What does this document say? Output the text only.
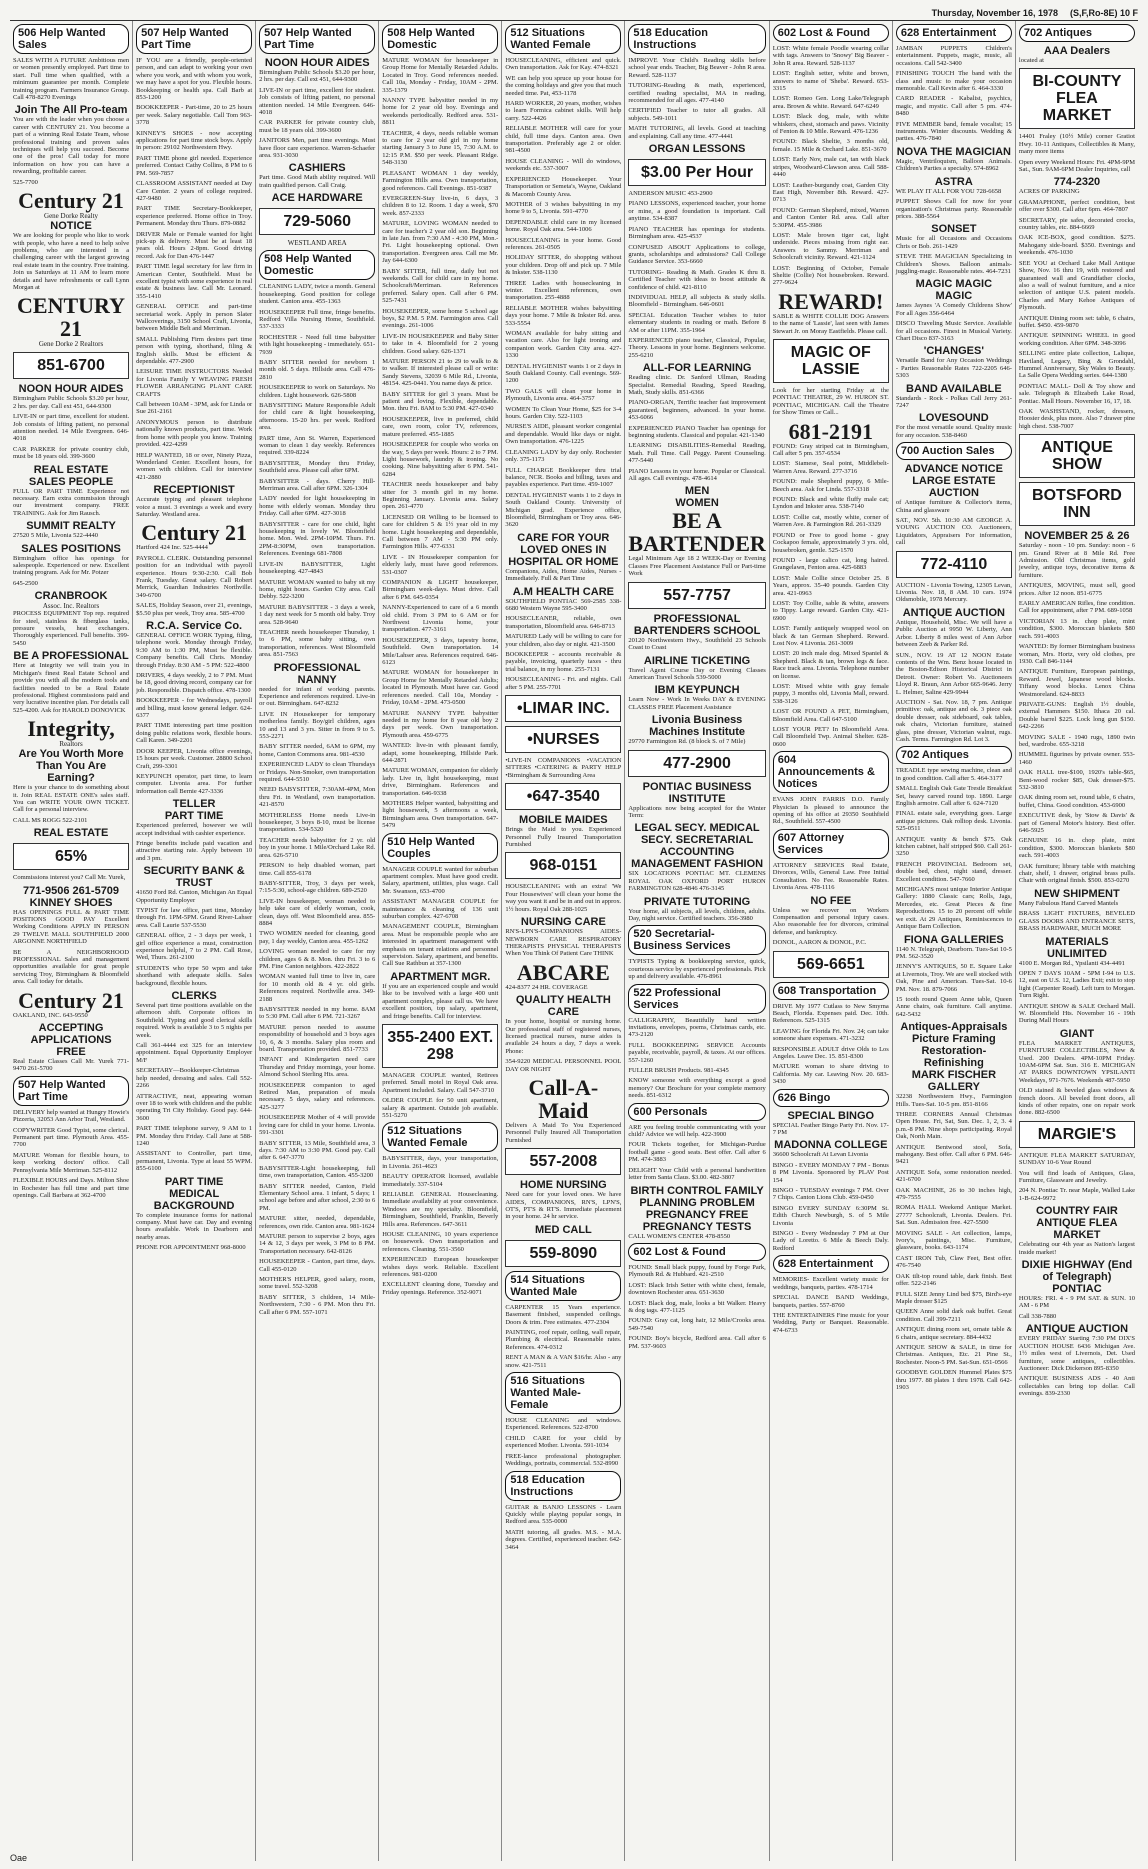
Thursday, November 16, 1978 (S,F,Ro-8E) 10 F
506 Help Wanted Sales
SALES WITH A FUTURE Ambitious men or women presently employed. Part time to start. Full time when qualified, with a minimum guarantee per month. Complete training program. Farmers Insurance Group. Call 478-8270 Evenings
Join The All Pro-team
You are with the leader when you choose a career with CENTURY 21. You become a part of a winning Real Estate Team, whose professional training and proven sales techniques will help you succeed. Become one of the pros! Call today for more information on how you can have a rewarding, profitable career.
525-7700
Century 21
Gene Dorke Realty
NOTICE
We are looking for people who like to work with people, who have a need to help solve problems, who are interested in a challenging career with the largest growing real estate team in the country. Free training. Join us Saturdays at 11 AM to learn more details and have refreshments or call Lynn Morgan at
CENTURY 21
Gene Dorke 2 Realtors
851-6700
NOON HOUR AIDES
Birmingham Public Schools $3.20 per hour, 2 hrs. per day. Call ext 451, 644-9300
LIVE-IN or part time, excellent for student. Job consists of lifting patient, no personal attention needed. 14 Mile Evergreen. 646-4018
CAR PARKER for private country club, must be 18 years old. 399-3600
REAL ESTATE
SALES PEOPLE
FULL OR PART TIME Experience not necessary. Earn extra commission through our investment company. FREE TRAINING. Ask for Jim Rausch.
SUMMIT REALTY
27520 5 Mile, Livonia 522-4440
SALES POSITIONS
Birmingham office has openings for salespeople. Experienced or new. Excellent training program. Ask for Mr. Potzer
645-2500
CRANBROOK
Assoc. Inc. Realtors
PROCESS EQUIPMENT Top rep. required for steel, stainless & fiberglass tanks, pressure vessels, heat exchangers. Thoroughly experienced. Full benefits. 399-5450
BE A PROFESSIONAL
Here at Integrity we will train you in Michigan's finest Real Estate School and provide you with all the modern tools and facilities needed to be a Real Estate professional. Highest commissions paid and very lucrative incentive plan. For details call 525-4200. Ask for HAROLD DONOVICK
Integrity,
Realtors
Are You Worth More Than You Are Earning?
Here is your chance to do something about it. Join REAL ESTATE ONE's sales staff. You can WRITE YOUR OWN TICKET. Call for a personal interview.
CALL MS ROGG 522-2101
REAL ESTATE
65%
Commissions interest you? Call Mr. Yurek,
771-9506 261-5709
KINNEY SHOES
HAS OPENINGS FULL & PART TIME POSITIONS GOOD PAY Excellent Working Conditions APPLY IN PERSON 29 TWELVE MALL SOUTHFIELD 2000 ARGONNE NORTHFIELD
BE A NEIGHBORHOOD PROFESSIONAL Sales and management opportunities available for great people servicing Troy, Birmingham & Bloomfield area. Call today for details.
Century 21
OAKLAND, INC. 643-9550
ACCEPTING APPLICATIONS
FREE
Real Estate Classes Call Mr. Yurek 771-9470 261-5700
507 Help Wanted Part Time
DELIVERY help wanted at Hungry Howie's Pizzeria, 32053 Ann Arbor Trail, Westland.
COPYWRITER Good Typist, some clerical. Permanent part time. Plymouth Area. 455-7700
MATURE Woman for flexible hours, to keep working doctors' office. Call Pennsylvania Mile Merriman. 525-8112
FLEXIBLE HOURS and Days. Milton Shoe in Rochester has full time and part time openings. Call Barbara at 362-4700
507 Help Wanted Part Time
IF YOU are a friendly, people-oriented person, and can adapt to working your own where you work, and with whom you work, we may have a spot for you. Flexible hours. Bookkeeping or health spa. Call Barb at 853-1200
BOOKKEEPER - Part-time, 20 to 25 hours per week. Salary negotiable. Call Tom 963-3778
KINNEY'S SHOES - now accepting applications for part time stock boys. Apply in person: 29102 Northwestern Hwy.
PART TIME phone girl needed. Experience preferred. Contact Cathy Collins, 8 PM to 6 PM. 569-7857
CLASSROOM ASSISTANT needed at Day Care Center. 2 years of college required. 427-9480
PART TIME Secretary-Bookkeeper, experience preferred. Home office in Troy. Permanent. Monday thru Thurs. 879-0882
DRIVER Male or Female wanted for light pick-up & delivery. Must be at least 18 years old. Hours 2-8pm. Good driving record. Ask for Dan 476-1447
PART TIME legal secretary for law firm in American Center, Southfield. Must be excellent typist with some experience in real estate & business law. Call Mr. Leonard. 355-1410
GENERAL OFFICE and part-time secretarial work. Apply in person Slater Wallcoverings, 3150 School Craft, Livonia, between Middle Belt and Merriman.
SMALL Publishing Firm desires part time person with typing, shorthand, filing & English skills. Must be efficient & dependable. 477-2900
LEISURE TIME INSTRUCTORS Needed for Livonia Family Y WEAVING FRESH FLOWER ARRANGING PLANT CARE CRAFTS
Call between 10AM - 3PM, ask for Linda or Sue 261-2161
ANONYMOUS person to distribute nationally known products, part time. Work from home with people you know. Training provided. 422-4299
HELP WANTED, 18 or over, Ninety Pizza, Wonderland Center. Excellent hours, for women with children. Call for interview 421-2880
RECEPTIONIST
Accurate typing and pleasant telephone voice a must. 3 evenings a week and every Saturday. Westland area.
Century 21
Hartford 424 Inc. 525-4444
PAYROLL CLERK. Outstanding personnel position for an individual with payroll experience. Hours 9:30-2:30. Call Bob Frank, Tuesday. Great salary. Call Robert Merrick, Guardian Industries Northville. 349-6700
SALES, Holiday Season, over 21, evenings, $5.50 plus per week, Troy area. 585-4700
R.C.A. Service Co.
GENERAL OFFICE WORK Typing, filing, telephone work. Monday through Friday, 9:30 AM to 1:30 PM, Must be flexible. Company benefits. Call Chris. Monday through Friday. 8:30 AM - 5 PM: 522-4800
DRIVERS, 4 days weekly, 2 to 7 PM. Must be 18, good driving record, company car for job. Responsible. Dispatch office. 478-1300
BOOKKEEPER - for Wednesdays, payroll and billing, must know general ledger. 624-6377
PART TIME interesting part time position doing public relations work, flexible hours. Call Karen. 349-2201
DOOR KEEPER, Livonia office evenings, 15 hours per week. Customer. 28800 School Craft, 299-3301
KEYPUNCH operator, part time, to learn computer. Livonia area. For further information call Bernie 427-3336
TELLER
PART TIME
Experienced preferred, however we will accept individual with cashier experience.
Fringe benefits include paid vacation and attractive starting rate. Apply between 10 and 3 pm.
SECURITY BANK & TRUST
41650 Ford Rd. Canton, Michigan An Equal Opportunity Employer
TYPIST for law office, part time, Monday through Fri. 1PM-5PM. Grand River-Lahser area. Call Laurie 537-5530
GENERAL office, 2 - 3 days per week, 1 girl office experience a must, construction experience helpful, 7 to 2 PM. Call Rose, Wed, Thurs. 261-2100
STUDENTS who type 50 wpm and take shorthand with adequate skills. Sales background, flexible hours.
CLERKS
Several part time positions available on the afternoon shift. Corporate offices in Southfield. Typing and good clerical skills required. Work is available 3 to 5 nights per week.
Call 361-4444 ext 325 for an interview appointment. Equal Opportunity Employer M/F
SECRETARY—Bookkeeper-Christmas help needed, dressing and sales. Call 552-2266
ATTRACTIVE, neat, appearing woman over 18 to work with children and the public operating Tri City Holiday. Good pay. 644-3600
PART TIME telephone survey, 9 AM to 1 PM. Monday thru Friday. Call Jane at 588-1240
ASSISTANT to Controller, part time, permanent, Livonia. Type at least 55 WPM. 855-6100
PART TIME
MEDICAL BACKGROUND
To complete insurance forms for national company. Must have car. Day and evening hours available. Work in Dearborn and nearby areas.
PHONE FOR APPOINTMENT 968-8000
507 Help Wanted Part Time
NOON HOUR AIDES
Birmingham Public Schools $3.20 per hour, 2 hrs. per day. Call ext 451, 644-9300
LIVE-IN or part time, excellent for student. Job consists of lifting patient, no personal attention needed. 14 Mile Evergreen. 646-4018
CAR PARKER for private country club, must be 18 years old. 399-3600
JANITORS Men, part time evenings. Must have floor care experience. Warren-Schaefer area. 931-3030
CASHIERS
Part time. Good Math ability required. Will train qualified person. Call Craig.
ACE HARDWARE
729-5060
WESTLAND AREA
508 Help Wanted Domestic
CLEANING LADY, twice a month. General housekeeping. Good position for college student. Canton area. 455-1363
HOUSEKEEPER Full time, fringe benefits. Redford Villa Nursing Home, Southfield. 537-3333
ROCHESTER - Need full time babysitter with light housekeeping - immediately. 651-7939
BABY SITTER needed for newborn 1 month old. 5 days. Hillside area. Call 476-2810
HOUSEKEEPER to work on Saturdays. No children. Light housework. 626-5808
BABYSITTING Mature Responsible Adult for child care & light housekeeping, afternoons. 15-20 hrs. per week. Redford area.
PART time, Ann St. Warren, Experienced woman to clean 1 day weekly. References required. 339-8224
BABYSITTER, Monday thru Friday, Southfield area. Please call after 6PM.
BABYSITTER - days. Cherry Hill-Merriman area. Call after 6PM. 326-1304
LADY needed for light housekeeping in home with elderly woman. Monday thru Friday. Call after 6PM. 427-3018
BABYSITTER - care for one child, light housekeeping in lovely W. Bloomfield home. Mon. Wed. 2PM-10PM. Thurs. Fri. 2PM-8:30PM, own transportation. References. Evenings 681-7808
LIVE-IN BABYSITTER, Light housekeeping. 427-4843
MATURE WOMAN wanted to baby sit my home, night hours. Garden City area. Call Debby. 522-3200
MATURE BABYSITTER - 3 days a week, 1 day next week for 5 month old baby. Troy area. 528-9640
TEACHER needs housekeeper Thursday, 1 to 6 PM, some baby sitting, own transportation, references. West Bloomfield area. 851-7563
PROFESSIONAL NANNY
needed for infant of working parents. Experience and references required. Live-in or out. Birmingham. 647-8232
LIVE IN Housekeeper for temporary motherless family. Boy/girl children, ages 10 and 13 and 3 yrs. Sitter in from 9 to 5. 553-2271
BABY SITTER needed, 6AM to 6PM, my home, Canton Commons area. 981-4530
EXPERIENCED LADY to clean Thursdays or Fridays. Non-Smoker, own transportation required. 644-5510
NEED BABYSITTER, 7:30AM-4PM, Mon thru Fri. in Westland, own transportation. 421-8570
MOTHERLESS Home needs Live-in housekeeper, 3 boys 8-10, must be license transportation. 534-5320
TEACHER needs babysitter for 2 yr. old boy in your home. 1 Mile/Orchard Lake Rd. area. 626-5710
PERSON to help disabled woman, part time. Call 855-6178
BABY-SITTER, Troy, 3 days per week, 7:15-5:30, school-age children. 689-2520
LIVE-IN housekeeper, woman needed to help take care of elderly woman, cook, clean, days off. West Bloomfield area. 855-8884
TWO WOMEN needed for cleaning, good pay, 1 day weekly, Canton area. 455-1262
LOVING woman needed to care for my children, ages 6 & 8. Mon. thru Fri. 3 to 6 PM. Fine Canton neighbors. 422-2822
WOMAN wanted full time to live in, care for 10 month old & 4 yr. old girls. References required. Northville area. 349-2188
BABYSITTER needed in my home. 8AM to 5:30 PM. Call after 6 PM. 721-3267
MATURE person needed to assume responsibility of household and 3 boys ages 10, 6, & 3 months. Salary plus room and board. Transportation provided. 851-7733
INFANT and Kindergarten need care Thursday and Friday mornings, your home. Almond School Sterling Hts. area.
HOUSEKEEPER companion to aged Retired Man, preparation of meals necessary. 5 days, salary and references. 425-3277
HOUSEKEEPER Mother of 4 will provide loving care for child in your home. Livonia. 591-3301
BABY SITTER, 13 Mile, Southfield area, 3 days. 7:30 AM to 3:30 PM. Good pay. Call after 6. 647-3770
BABYSITTER-Light housekeeping, full time, own transportation, Canton. 455-3200
BABY SITTER needed, Canton, Field Elementary School area. 1 infant, 5 days; 1 school age before and after school, 2:30 to 6 PM.
MATURE sitter, needed, dependable, references, own ride. Canton area. 981-1624
MATURE person to supervise 2 boys, ages 14 & 12, 3 days per week, 3 PM to 8 PM. Transportation necessary. 642-8126
HOUSEKEEPER - Canton, part time, days. Call 455-0120
MOTHER'S HELPER, good salary, room, some travel. 552-3208
BABY SITTER, 3 children, 14 Mile-Northwestern, 7:30 - 6 PM. Mon thru Fri. Call after 6 PM. 557-1071
508 Help Wanted Domestic
MATURE WOMAN for housekeeper in Group Home for Mentally Retarded Adults. Located in Troy. Good references needed. Call 10a, Monday - Friday, 10AM - 2PM. 335-1379
NANNY TYPE babysitter needed in my home for 2 year old boy. Evenings and weekends periodically. Redford area. 531-8811
TEACHER, 4 days, needs reliable woman to care for 2 year old girl in my home starting January 3 to June 15, 7:30 A.M. to 12:15 P.M. $50 per week. Pleasant Ridge. 548-3130
PLEASANT WOMAN 1 day weekly, Farmington Hills area. Own transportation, good references. Call Evenings. 851-9387
EVERGREEN-Stay live-in, 6 days, 3 children 8 to 12. Room. 1 day a week, $70 week. 857-2333
MATURE, LOVING WOMAN needed to care for teacher's 2 year old son. Beginning in late Jan. from 7:30 AM - 4:30 PM, Mon.- Fri. Light housekeeping optional. Own transportation. Evergreen area. Call me Mr. Jay 644-6300
BABY SITTER, full time, daily but not weekends. Call for child care in my home. Schoolcraft/Merriman. References preferred. Salary open. Call after 6 PM. 525-7431
HOUSEKEEPER, some home 5 school age boys, $2 P.M. 5 P.M. Farmington area. Call evenings. 261-1006
LIVE-IN HOUSEKEEPER and Baby Sitter to take in 4. Bloomfield for 2 young children. Good salary. 626-1371
MATURE PERSON 21 to 29 to walk to & to walker. If interested please call or write: Sandy Stevens, 32039 6 Mile Rd., Livonia, 48154. 425-0441. You name days & price.
BABY SITTER for girl 3 years. Must be patient and loving. Flexible, dependable. Mon. thru Fri. 8AM to 5:30 PM. 427-0340
HOUSEKEEPER, live in preferred, child care, own room, color TV, references, mature preferred. 455-1885
HOUSEKEEPER for couple who works on the way, 5 days per week. Hours: 2 to 7 PM. Light housework, laundry & ironing. No cooking. Nine babysitting after 6 PM. 541-6284
TEACHER needs housekeeper and baby sitter for 3 month girl in my home. Beginning January. Livonia area. Salary open. 261-4770
LICENSED OR Willing to be licensed to care for children 5 & 1½ year old in my home. Light housekeeping and dependable, Call between 7 AM - 5:30 PM only. Farmington Hills. 477-6331
LIVE - IN Housekeeper companion for elderly lady, must have good references. 531-0307
COMPANION & LIGHT housekeeper, Birmingham week-days. Must drive. Call after 6 PM. 645-0354
NANNY-Experienced to care of a 6 month old child. From 3 PM to 6 AM or for Northwest Livonia home, your transportation. 477-3161
HOUSEKEEPER, 3 days, tapestry home, Southfield. Own transportation. 14 Mile/Lahser area. References required. 646-6123
MATURE WOMAN for housekeeper in Group Home for Mentally Retarded Adults; located in Plymouth. Must have car. Good references needed. Call 10a, Monday - Friday, 10AM - 2PM. 473-0500
MATURE NANNY TYPE babysitter needed in my home for 8 year old boy 2 days per week. Own transportation. Plymouth area. 459-6775
WANTED: live-in with pleasant family, adapt, some housekeeping, Hillside Park. 644-2871
MATURE WOMAN, companion for elderly lady. Live in, light housekeeping, must drive, Birmingham. References and transportation. 646-9338
MOTHERS Helper wanted, babysitting and light housework, 5 afternoons a week, Birmingham area. Own transportation. 647-5479
510 Help Wanted Couples
MANAGER COUPLE wanted for suburban apartment complex. Must have good credit. Salary, apartment, utilities, plus wage. Call Mr. Swanson, 653-4700
ASSISTANT MANAGER COUPLE for maintenance & cleaning of 136 unit suburban complex. 427-6708
MANAGEMENT COUPLE, Birmingham area. Must be responsible people who are interested in apartment management with emphasis on tenant relations and personnel supervision. Salary, apartment, and benefits. Call Sue Rathbun at 357-1300
APARTMENT MGR.
If you are an experienced couple and would like to be involved with a large 400 unit apartment complex, please call us. We have excellent position, top salary, apartment, and fringe benefits. Call for interview.
355-2400 EXT. 298
MANAGER COUPLE wanted, Retirees preferred. Small motel in Royal Oak area. Apartment included. Salary. Call 547-3710
OLDER COUPLE for 50 unit apartment, salary & apartment. Outside job available. 551-5270
512 Situations Wanted Female
BABYSITTER, days, your transportation, in Livonia. 261-4623
BEAUTY OPERATOR licensed, available immediately. 337-5104
RELIABLE GENERAL Housecleaning. Immediate availability at your convenience. Windows are my specialty. Bloomfield, Birmingham, Southfield, Franklin, Beverly Hills area. References. 647-3611
HOUSE CLEANING, 10 years experience on housework. Own transportation and references. Cleaning. 551-3560
EXPERIENCED European housekeeper wishes days work. Reliable. Excellent references. 981-0200
EXCELLENT cleaning done, Tuesday and Friday openings. Reference. 352-9071
512 Situations Wanted Female
HOUSECLEANING, efficient and quick. Own transportation. Ask for Kay. 474-8321
WE can help you spruce up your house for the coming holidays and give you that much needed time. Pat, 453-1178
HARD WORKER, 20 years, mother, wishes to learn Formica cabinet skills. Will help carry. 522-4426
RELIABLE MOTHER will care for your child, full time days. Canton area. Own transportation. Preferably age 2 or older. 981-4500
HOUSE CLEANING - Will do windows, weekends etc. 537-3007
EXPERIENCED Housekeeper. Your Transportation or Semeta's, Wayne, Oakland & Macomb County Area.
MOTHER of 3 wishes babysitting in my home 9 to 5, Livonia. 591-4770
DEPENDABLE child care in my licensed home. Royal Oak area. 544-1006
HOUSECLEANING in your home. Good references. 261-0505
HOLIDAY SITTER, do shopping without your children. Drop off and pick up. 7 Mile & Inkster. 538-1130
THREE Ladies with housecleaning in winter. Excellent references, own transportation. 255-4888
RELIABLE MOTHER wishes babysitting days your home. 7 Mile & Inkster Rd. area. 533-5554
WOMAN available for baby sitting and vacation care. Also for light ironing and companion work. Garden City area. 427-1330
DENTAL HYGIENIST wants 1 or 2 days in South Oakland County. Call evenings. 569-1200
TWO GALS will clean your home in Plymouth, Livonia area. 464-3757
WOMEN To Clean Your Home, $25 for 3-4 hours. Garden City. 522-1103
NURSE'S AIDE, pleasant worker congenial and dependable. Would like days or night. Own transportation. 476-1225
CLEANING LADY by day only. Rochester only. 375-1173
FULL CHARGE Bookkeeper thru trial balance, NCR. Books and billing, taxes and payables experience. Part time. 459-1007
DENTAL HYGIENIST wants 1 to 2 days in South Oakland County. University of Michigan grad. Experience office, Bloomfield, Birmingham or Troy area. 646-3620
CARE FOR YOUR LOVED ONES IN HOSPITAL OR HOME
Companions, Aides, Home Aides, Nurses - Immediately. Full & Part Time
A.M HEALTH CARE
SOUTHFIELD PONTIAC 569-2585 338-6680 Western Wayne 595-3400
HOUSECLEANER, reliable, own transportation, Bloomfield area. 646-8713
MATURED Lady will be willing to care for your children, also day or night. 421-3500
BOOKKEEPER - accounts receivable & payable, invoicing, quarterly taxes - thru trial balance, in my home. 255-7131
HOUSECLEANING - Fri. and nights. Call after 5 PM. 255-7701
•LIMAR INC.
•NURSES
•LIVE-IN COMPANIONS •VACATION SITTERS •CATERING & PARTY HELP •Birmingham & Surrounding Area
•647-3540
MOBILE MAIDES
Brings the Maid to you. Experienced Personnel Fully Insured Transportation Furnished
968-0151
HOUSECLEANING with an extra! 'We Four Housewives' will clean your home the way you want it and be in and out in approx. 1½ hours. Royal Oak 288-1025
NURSING CARE
RN'S-LPN'S-COMPANIONS AIDES-NEWBORN CARE RESPIRATORY THERAPISTS PHYSICAL THERAPISTS When You Think Of Patient Care THINK
ABCARE
424-8377 24 HR. COVERAGE
QUALITY HEALTH CARE
In your home, hospital or nursing home. Our professional staff of registered nurses, licensed practical nurses, nurse aides is available 24 hours a day, 7 days a week. Phone:
354-9220 MEDICAL PERSONNEL POOL DAY OR NIGHT
Call-A-Maid
Delivers A Maid To You Experienced Personnel Fully Insured All Transportation Furnished
557-2008
HOME NURSING
Need care for your loved ones. We have AIDES, COMPANIONS, RN'S, LPN'S, OT'S, PT'S & RT'S. Immediate placement in your home. 24 hr service.
MED CALL
559-8090
514 Situations Wanted Male
CARPENTER 15 Years experience. Basement finished, suspended ceilings. Doors & trim. Free estimates. 477-2304
PAINTING, roof repair, ceiling, wall repair, Plumbing & electrical. Reasonable rates. References. 474-0312
RENT A MAN & A VAN $16/hr. Also - any snow. 421-7511
516 Situations Wanted Male-Female
HOUSE CLEANING and windows. Experienced. References. 522-8700
CHILD CARE for your child by experienced Mother. Livonia. 591-1034
FREE-lance professional photographer. Weddings, portraits, commercial. 532-8990
518 Education Instructions
GUITAR & BANJO LESSONS - Learn Quickly while playing popular songs, in Redford area. 535-0000
MATH tutoring, all grades. M.S. - M.A. degrees. Certified, experienced teacher. 642-3464
518 Education Instructions
IMPROVE Your Child's Reading skills before school year ends. Teacher, Big Beaver - John R area. Reward. 528-1137
TUTORING-Reading & math, experienced, certified reading specialist, MA in reading, recommended for all ages. 477-4140
CERTIFIED Teacher to tutor all grades. All subjects. 549-1011
MATH TUTORING, all levels. Good at teaching and explaining. Call any time. 477-4441
ORGAN LESSONS
$3.00 Per Hour
ANDERSON MUSIC 453-2900
PIANO LESSONS, experienced teacher, your home or mine, a good foundation is important. Call anytime. 534-8387
PIANO TEACHER has openings for students. Birmingham area. 425-4537
CONFUSED ABOUT Applications to college, grants, scholarships and admissions? Call College Guidance Service. 353-6660
TUTORING- Reading & Math. Grades K thru 8. Certified Teacher with ideas to boost attitude & confidence of child. 421-8110
INDIVIDUAL HELP, all subjects & study skills. Bloomfield - Birmingham. 646-0601
SPECIAL Education Teacher wishes to tutor elementary students in reading or math. Before 8 AM or after 11PM. 355-1964
EXPERIENCED piano teacher, Classical, Popular, Theory. Lessons in your home. Beginners welcome. 255-6210
ALL-FOR LEARNING
Reading clinic. Dr. Sanford Ullman, Reading Specialist. Remedial Reading, Speed Reading, Math, Study skills. 851-6366
PIANO-ORGAN, Terrific teacher fast improvement guaranteed, beginners, advanced. In your home. 453-6066
EXPERIENCED PIANO Teacher has openings for beginning students. Classical and popular. 421-1340
LEARNING DISABILITIES-Remedial Reading, Math. Full Time. Call Peggy. Parent Counseling. 477-5440
PIANO Lessons in your home. Popular or Classical. All ages. Call evenings. 478-4614
MEN
WOMEN
BE A BARTENDER
Legal Minimum Age 18 2 WEEK-Day or Evening Classes Free Placement Assistance Full or Part-time Work
557-7757
PROFESSIONAL BARTENDERS SCHOOL
20120 Northwestern Hwy., Southfield 23 Schools Coast to Coast
AIRLINE TICKETING
Travel Agent Course Day or Evening Classes American Travel Schools 539-5000
IBM KEYPUNCH
Learn Now - Work In Weeks DAY & EVENING CLASSES FREE Placement Assistance
Livonia Business Machines Institute
29770 Farmington Rd. (8 block S. of 7 Mile)
477-2900
PONTIAC BUSINESS INSTITUTE
Applications now being accepted for the Winter Term:
LEGAL SECY. MEDICAL SECY. SECRETARIAL ACCOUNTING MANAGEMENT FASHION
SIX LOCATIONS PONTIAC MT. CLEMENS ROYAL OAK OXFORD PORT HURON FARMINGTON 628-4846 476-3145
PRIVATE TUTORING
Your home, all subjects, all levels, children, adults. Day, night service. Certified teachers. 356-3980
520 Secretarial-Business Services
TYPISTS Typing & bookkeeping service, quick, courteous service by experienced professionals. Pick up and delivery available. 476-8961
522 Professional Services
CALLIGRAPHY, Beautifully hand written invitations, envelopes, poems, Christmas cards, etc. 473-2120
FULL BOOKKEEPING SERVICE Accounts payable, receivable, payroll, & taxes. At our offices. 557-1260
FULLER BRUSH Products. 981-4345
KNOW someone with everything except a good memory? Our Brochure for your complete memory needs. 851-6312
600 Personals
ARE you feeling trouble communicating with your child? Advice we will help. 422-3900
FOUR Tickets together, for Michigan-Purdue football game - good seats. Best offer. Call after 6 PM. 474-3883
DELIGHT Your Child with a personal handwritten letter from Santa Claus. $3.00. 482-3807
BIRTH CONTROL FAMILY PLANNING PROBLEM PREGNANCY FREE PREGNANCY TESTS
CALL WOMEN'S CENTER 478-8550
602 Lost & Found
FOUND: Small black puppy, found by Forge Park, Plymouth Rd. & Hubbard. 421-2510
LOST: Black Irish Setter with white chest, female, downtown Rochester area. 651-3630
LOST: Black dog, male, looks a bit Walker. Heavy & dog tags. 477-1125
FOUND: Gray cat, long hair, 12 Mile/Crooks area. 549-7540
FOUND: Boy's bicycle, Redford area. Call after 6 PM. 537-9603
602 Lost & Found
LOST: White female Poodle wearing collar with tags. Answers to 'Snowy' Big Beaver - John R area. Reward. 528-1137
LOST: English setter, white and brown, answers to name of 'Sheba'. Reward. 653-3315
LOST: Romeo Gen. Long Lake/Telegraph area. Brown & white. Reward. 647-6249
LOST: Black dog, male, with white whiskers, chest, stomach and paws. Vicinity of Fenton & 10 Mile. Reward. 476-1236
FOUND: Black Sheltie, 3 months old, female. 15 Mile & Orchard Lake. 851-3670
LOST: Early Nov, male cat, tan with black stripes, Woodward-Clawson area. Call 588-4440
LOST: Leather-burgundy coat, Garden City East High, November 8th. Reward. 427-0713
FOUND: German Shepherd, mixed, Warren and Canton Center Rd. area. Call after 5:30PM. 455-3986
LOST: Male brown tiger cat, light underside. Pieces missing from right ear. Answers to Sammy. Merriman and Schoolcraft vicinity. Reward. 421-1124
LOST: Beginning of October, Female Sheltie (Collie) Not housebroken. Reward. 277-9624
REWARD!
SABLE & WHITE COLLIE DOG Answers to the name of 'Lassie', last seen with James Stewart Jr. on Moray Eastfields. Please call.
MAGIC OF LASSIE
Look for her starting Friday at the PONTIAC THEATRE, 29 W. HURON ST. PONTIAC, MICHIGAN. Call the Theatre for Show Times or Call...
681-2191
FOUND: Gray striped cat in Birmingham, Call after 5 pm. 357-6534
LOST: Siamese, Seal point, Middlebelt-Warren Area. Reward. 277-3716
FOUND: male Shepherd puppy, 6 Mile-Beech area. Ask for Linda. 557-3318
FOUND: Black and white fluffy male cat; Lyndon and Inkster area. 538-7140
LOST: Collie cat, mostly white, corner of Warren Ave. & Farmington Rd. 261-3329
FOUND or Free to good home - gray Cockapoo female, approximately 3 yrs. old, housebroken, gentle. 525-1570
FOUND - large calico cat, long haired. Grangelawn, Fenton area. 425-6883
LOST: Male Collie since October 25. 8 Years, approx. 35-40 pounds. Garden City area. 421-0963
LOST: Toy Collie, sable & white, answers to Tippy. Large reward. Garden City. 421-6900
LOST: Family antiquely wrapped wool on black & tan German Shepherd. Reward. Lost Nov. 4 Livonia. 261-3009
LOST: 20 inch male dog. Mixed Spaniel & Shepherd. Black & tan, brown legs & face. Race track area. Livonia. Telephone number on license.
LOST: Mixed white with gray female puppy, 3 months old, Livonia Mall, reward. 538-3126
LOST OR FOUND A PET, Birmingham, Bloomfield Area. Call 647-5100
LOST YOUR PET? In Bloomfield Area. Call Bloomfield Twp. Animal Shelter. 628-0600
604 Announcements & Notices
EVANS JOHN FARRIS D.O. Family Physician Is pleased to announce the opening of his office at 29350 Southfield Rd., Southfield. 557-4500
607 Attorney Services
ATTORNEY SERVICES Real Estate, Divorces, Wills, General Law. Free Initial Consultation. No Fee. Reasonable Rates. Livonia Area. 478-1116
NO FEE
Unless we recover on Workers Compensation and personal injury cases. Also reasonable fee for divorces, criminal defense, and bankruptcy.
DONOL, AARON & DONOL, P.C.
569-6651
608 Transportation
DRIVE My 1977 Cutlass to New Smyrna Beach, Florida. Expenses paid. Dec. 10th. References. 525-1315
LEAVING for Florida Fri. Nov. 24; can take someone share expenses. 471-3232
RESPONSIBLE ADULT drive Olds to Los Angeles. Leave Dec. 15. 851-8300
MATURE woman to share driving to California. My car. Leaving Nov. 20. 683-3430
626 Bingo
SPECIAL BINGO
SPECIAL Feather Bingo Party Fri. Nov. 17-7 PM
MADONNA COLLEGE
36600 Schoolcraft At Levan Livonia
BINGO - EVERY MONDAY 7 PM - Bonus 8 PM Livonia. Sponsored by PLAV Post 154
BINGO - TUESDAY evenings 7 PM. Over 7 Chips. Canton Lions Club. 459-0450
BINGO EVERY SUNDAY 6:30PM St. Edith Church Newburgh, S. of 5 Mile Livonia
BINGO - Every Wednesday 7 PM at Our Lady of Loretto. 6 Mile & Beech Daly. Redford
628 Entertainment
MEMORIES- Excellent variety music for weddings, banquets, parties. 478-1714
SPECIAL DANCE BAND Weddings, banquets, parties. 557-8760
THE ENTERTAINERS Fine music for your Wedding, Party or Banquet. Reasonable. 474-6733
628 Entertainment
JAMBAN PUPPETS Children's entertainment. Puppets, magic, music, all occasions. Call 542-3400
FINISHING TOUCH The band with the class and music to make your occasion memorable. Call Kevin after 6. 464-3330
CARD READER - Kabalist, psychics, magic, and mystic. Call after 5 pm. 474-8480
FIVE MEMBER band, female vocalist; 15 instruments. Winter discounts. Wedding & parties. 476-7840
NOVA THE MAGICIAN
Magic, Ventriloquism, Balloon Animals. Children's Parties a specialty. 574-8962
ASTRA
WE PLAY IT ALL FOR YOU 728-6658
PUPPET Shows Call for now for your organization's Christmas party. Reasonable prices. 388-5564
SONSET
Music for all Occasions and Occasions Chris or Bob. 261-1429
STEVE THE MAGICIAN Specializing in Children's Shows. Balloon animals-juggling-magic. Reasonable rates. 464-7231
MAGIC MAGIC MAGIC
James Jaynes 'A Comedy Childrens Show' For all Ages 356-6464
DISCO Traveling Music Service. Available for all occasions. Finest in Musical Variety. Chart Disco 837-3163
'CHANGES'
Versatile Band for Any Occasion Weddings - Parties Reasonable Rates 722-2205 646-5303
BAND AVAILABLE
Standards - Rock - Polkas Call Jerry 261-7247
LOVESOUND
For the most versatile sound. Quality music for any occasion. 538-8460
700 Auction Sales
ADVANCE NOTICE
LARGE ESTATE AUCTION
of Antique furniture & Collector's items, China and glassware
SAT., NOV. 5th. 10:30 AM GEORGE A. YOUNG AUCTION CO. Auctioneers, Liquidators, Appraisers For information, call
772-4110
AUCTION - Livonia Towing, 12305 Levan, Livonia. Nov. 18, 8 AM. 10 cars. 1974 Oldsmobile, 1978 Mercury.
ANTIQUE AUCTION
Antique, Household, Misc. We will have a Public Auction at 9950 W. Liberty, Ann Arbor. Liberty 8 miles west of Ann Arbor between Zeeb & Parker Rd.
SUN., NOV. 19 AT 12 NOON Estate contents of the Wm. Benz house located in the Boston-Edison Historical District in Detroit. Owner: Robert Vo. Auctioneers Lloyd R. Braun, Ann Arbor 665-9646. Jerry L. Helmer, Saline 429-9944
AUCTION - Sat. Nov. 18, 7 pm. Antique primitive: oak, antique and ok. 3 piece oak double dresser, oak sideboard, oak tables, oak chairs, Victorian furniture, stained glass, pine dresser, Victorian walnut, rugs. Cash. Terms. Farmington Rd. Lot 3.
702 Antiques
TREADLE type sewing machine, clean and in good condition. Call after 5. 464-3177
SMALL English Oak Gate Trestle Breakfast Set, heavy carved round top. 1890. Large English armoire. Call after 6. 624-7120
FINAL estate sale, everything goes. Large antique pictures. Oak rolltop desk. Livonia. 525-0511
ANTIQUE vanity & bench $75. Oak kitchen cabinet, half stripped $60. Call 261-3250
FRENCH PROVINCIAL Bedroom set, double bed, chest, night stand, dresser. Excellent condition. 547-7660
MICHIGAN'S most unique Interior Antique Gallery: 1880 Classic cars; Rolls, Jags, Mercedes, etc. Great Pieces & fine Reproductions. 15 to 20 percent off while we exit. At 29 Antiques, Reminiscences to Antique Barn Collection.
FIONA GALLERIES
1140 N. Telegraph, Dearborn. Tues-Sat 10-5 PM. 562-3520
JENNY'S ANTIQUES, 50 E. Square Lake at Livernois, Troy. We are well stocked with Oak, Pine and American. Tues-Sat. 10-6 PM. Nov. 18. 879-7066
15 tooth round Queen Anne table, Queen Anne chairs, oak furniture. Call anytime. 642-5432
Antiques-Appraisals Picture Framing Restoration-Refinishing
MARK FISCHER GALLERY
32238 Northwestern Hwy., Farmington Hills. Tues-Sat. 10-5 pm. 851-8166
THREE CORNERS Annual Christmas Open House. Fri, Sat, Sun. Dec. 1, 2, 3. 4 p.m.-8 PM. Nine shops participating. Royal Oak, North Main.
ANTIQUE Bentwood stool, Sofa, mahogany. Best offer. Call after 6 PM. 646-9421
ANTIQUE Sofa, some restoration needed. 421-6700
OAK MACHINE, 26 to 30 inches high, 479-7555
ROMA HALL Weekend Antique Market. 27777 Schoolcraft, Livonia. Dealers. Fri. Sat. Sun. Admission free. 427-5500
MOVING SALE - Art collection, lamps, Ivory's, paintings, Misc. Furniture, glassware, books. 643-1174
CAST IRON Tub, Claw Feet, Best offer. 476-7540
OAK tilt-top round table, dark finish. Best offer. 522-2146
FULL SIZE Jenny Lind bed $75, Bird's-eye Maple dresser $125
QUEEN Anne solid dark oak buffet. Great condition. Call 399-7211
ANTIQUE dining room set, ornate table & 6 chairs, antique secretary. 884-4432
ANTIQUE SHOW & SALE, in time for Christmas. Antiques, Etc. 21 Pine St., Rochester. Noon-5 PM. Sat-Sun. 651-0566
GOODBYE GOLDEN Hummel Plates $75 thru 1977. 88 plates 1 thru 1978. Call 642-1903
702 Antiques
AAA Dealers
located at
BI-COUNTY FLEA MARKET
14401 Fraley (10½ Mile) corner Gratiot Hwy. 10-11 Antiques, Collectibles & Many, many more items
Open every Weekend Hours: Fri. 4PM-9PM Sat., Sun. 9AM-6PM Dealer Inquiries, call
774-2320
ACRES OF PARKING
GRAMAPHONE, perfect condition, best offer over $300. Call after 6pm. 464-7807
SECRETARY, pie safes, decorated crocks, country tables, etc. 884-6669
OAK ICE-BOX, good condition. $275. Mahogany side-board. $350. Evenings and weekends. 476-1030
SEE YOU at Orchard Lake Mall Antique Show, Nov. 16 thru 19, with restored and guaranteed wall and Grandfather clocks, also a wall of walnut furniture, and a nice selection of antique U.S. patent models. Charles and Mary Kehoe Antiques of Plymouth.
ANTIQUE Dining room set: table, 6 chairs, buffet. $450. 459-9870
ANTIQUE SPINNING WHEEL in good working condition. After 6PM. 348-3096
SELLING entire plate collection, Lalique, Haviland, Legacy, Bing & Grondahl, Hummel Anniversary, Sky Wales to Beauty. La Salle Opera Wedding series. 644-1380
PONTIAC MALL- Doll & Toy show and sale. Telegraph & Elizabeth Lake Road, Pontiac. Mall Hours. November 16, 17, 18.
OAK WASHSTAND, rocker, dressers, Hoosier desk, plus more. Also 7 drawer pine high chest. 538-7007
ANTIQUE SHOW
BOTSFORD INN
NOVEMBER 25 & 26
Saturday - noon - 10 pm. Sunday: noon - 6 pm. Grand River at 8 Mile Rd. Free Admission. Old Christmas items, gold jewelry, antique toys, decorative items & furniture.
ANTIQUES, MOVING, must sell, good prices. After 12 noon. 851-6775
EARLY AMERICAN Rifles, fine condition. Call for appointment, after 7 PM. 689-1058
VICTORIAN 13 in. chop plate, mint condition, $300. Moroccan blankets $80 each. 591-4003
WANTED: By former Birmingham business woman, Mrs. Hortz, very old clothes, pre 1930. Call 846-1144
ANTIQUE Furniture, European paintings, Reward. Jewel, Japanese wood blocks. Tiffany wood blocks. Lenox China Westmoreland. 624-8833
PRIVATE-GUNS: English 1½ double, external Hammers $150. Ithaca 20 cal. Double barrel $225. Lock long gun $150. 642-2266
MOVING SALE - 1940 rugs, 1890 twin bed, wardrobe. 655-3218
HUMMEL figurines by private owner. 553-1460
OAK HALL tree-$100, 1920's table-$65, Bent-wood rocker $85, Oak dresser-$75. 532-3810
OAK dining room set, round table, 6 chairs, buffet, China. Good condition. 453-6900
EXECUTIVE desk, by 'Stow & Davis' & part of General Motor's history. Best offer. 646-5925
GENUINE 16 in. chop plate, mint condition, $300. Moroccan blankets $80 each. 591-4003
OAK furniture; library table with matching chair, shelf, 1 drawer, original brass pulls. Chair with original finish. $500. 853-0270
NEW SHIPMENT
Many Fabulous Hand Carved Mantels
BRASS LIGHT FIXTURES, BEVELED GLASS DOORS AND ENTRANCE SETS, BRASS HARDWARE, MUCH MORE
MATERIALS UNLIMITED
4100 E. Morgan Rd., Ypsilanti 434-4491
OPEN 7 DAYS 10AM - 5PM I-94 to U.S. 12, east on U.S. 12, Ladies Exit; exit to stop light (Carpenter Road). Left turn to Morgan. Turn Right.
ANTIQUE SHOW & SALE Orchard Mall. W. Bloomfield Hts. November 16 - 19th During Mall Hours
GIANT
FLEA MARKET ANTIQUES, FURNITURE COLLECTIBLES, New & Used. 200 Dealers. 4PM-10PM Friday. 10AM-6PM Sat. Sun. 316 E. MICHIGAN AT PARKS DOWNTOWN YPSILANTI Weekdays, 971-7676. Weekends 487-5950
OLD stained & beveled glass windows & french doors. All beveled front doors, all kinds of other repairs, one on repair work done. 882-6500
MARGIE'S
ANTIQUE FLEA MARKET SATURDAY, SUNDAY 10-6 Year Round
You will find loads of Antiques, Glass, Furniture, Glassware and Jewelry.
204 N. Pontiac Tr. near Maple, Walled Lake 1-B-624-9972
COUNTRY FAIR ANTIQUE FLEA MARKET
Celebrating our 4th year as Nation's largest inside market!
DIXIE HIGHWAY (End of Telegraph) PONTIAC
HOURS: FRI. 4 - 9 PM SAT. & SUN. 10 AM - 6 PM
Call 338-7880
ANTIQUE AUCTION
EVERY FRIDAY Starting 7:30 PM DIX'S AUCTION HOUSE 6436 Michigan Ave. 1½ miles west of Livernois, Det. Used furniture, some antiques, collectibles. Auctioneer: Dick Dickerson 895-8350
ANTIQUE BUSINESS ADS - 40 Anti collectables can bring top dollar. Call evenings. 839-2330
Oae
